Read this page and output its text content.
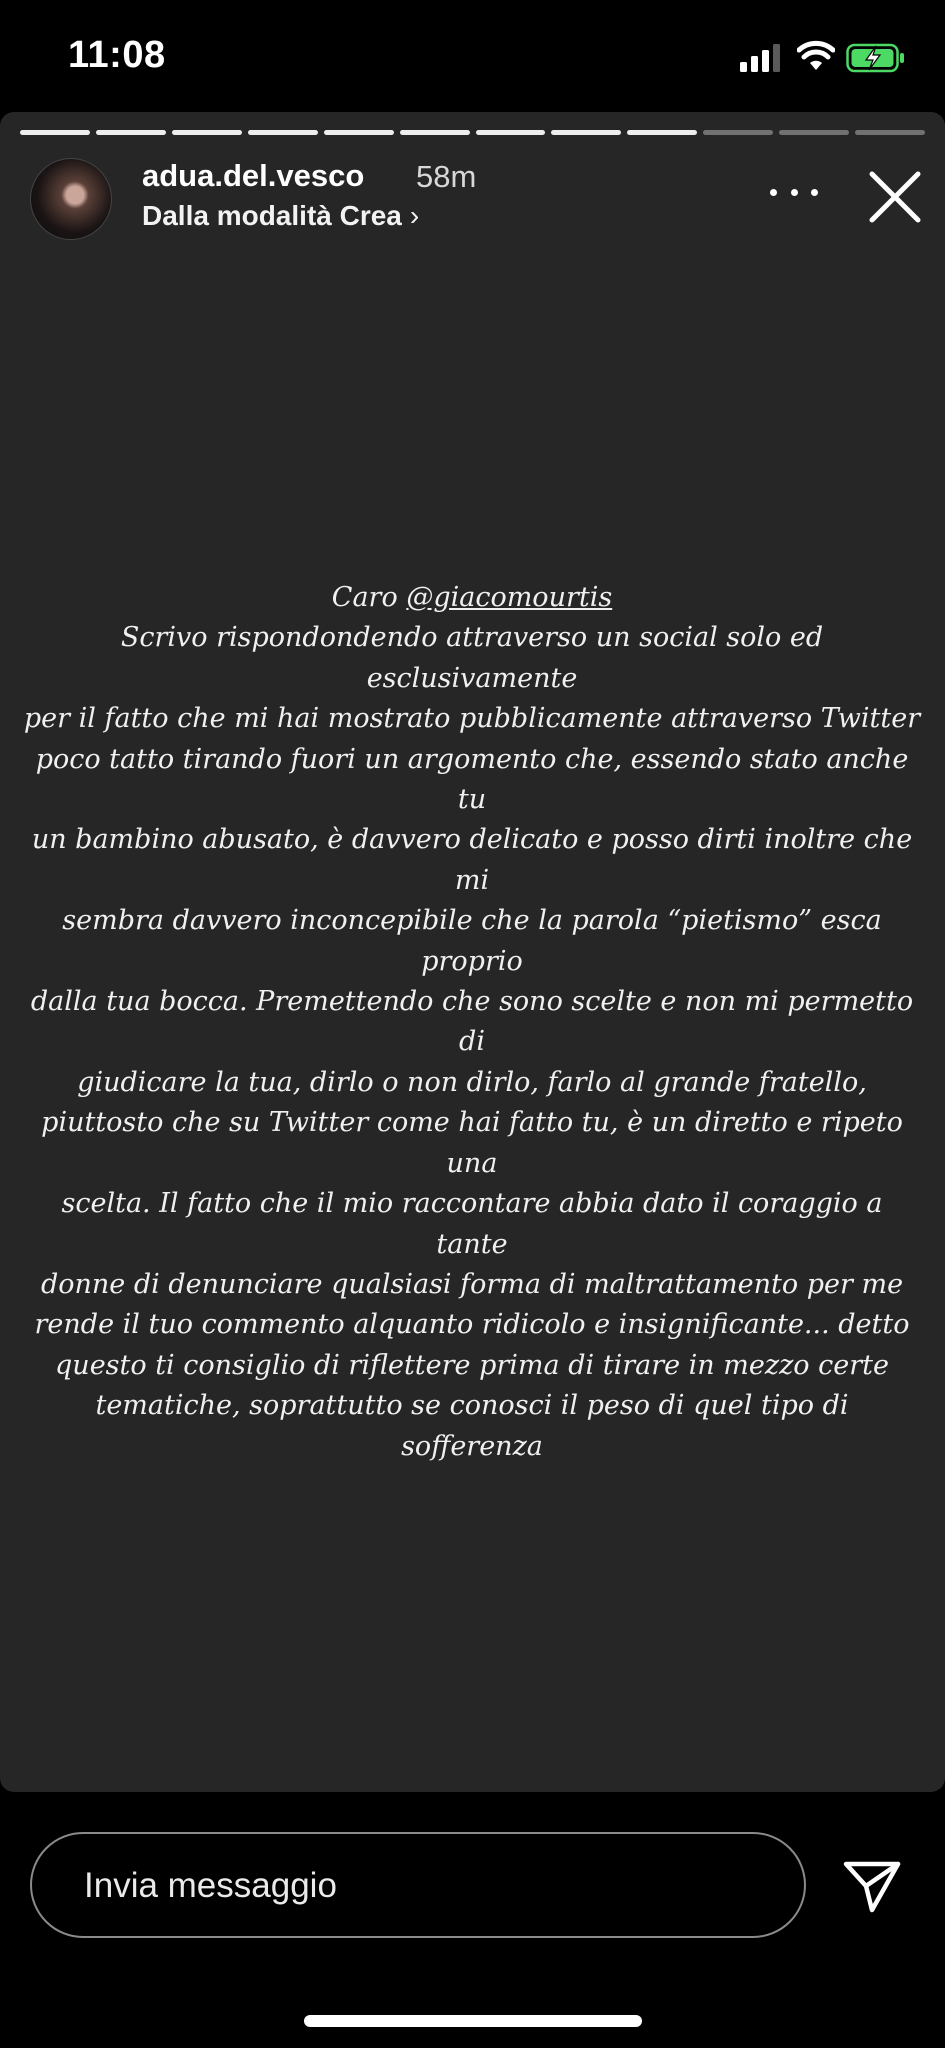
11:08
adua.del.vesco 58m
Dalla modalità Crea ›
Caro @giacomourtis
Scrivo rispondondendo attraverso un social solo ed esclusivamente
per il fatto che mi hai mostrato pubblicamente attraverso Twitter
poco tatto tirando fuori un argomento che, essendo stato anche tu
un bambino abusato, è davvero delicato e posso dirti inoltre che mi
sembra davvero inconcepibile che la parola “pietismo” esca proprio
dalla tua bocca. Premettendo che sono scelte e non mi permetto di
giudicare la tua, dirlo o non dirlo, farlo al grande fratello,
piuttosto che su Twitter come hai fatto tu, è un diretto e ripeto una
scelta. Il fatto che il mio raccontare abbia dato il coraggio a tante
donne di denunciare qualsiasi forma di maltrattamento per me
rende il tuo commento alquanto ridicolo e insignificante... detto
questo ti consiglio di riflettere prima di tirare in mezzo certe
tematiche, soprattutto se conosci il peso di quel tipo di sofferenza
Invia messaggio
